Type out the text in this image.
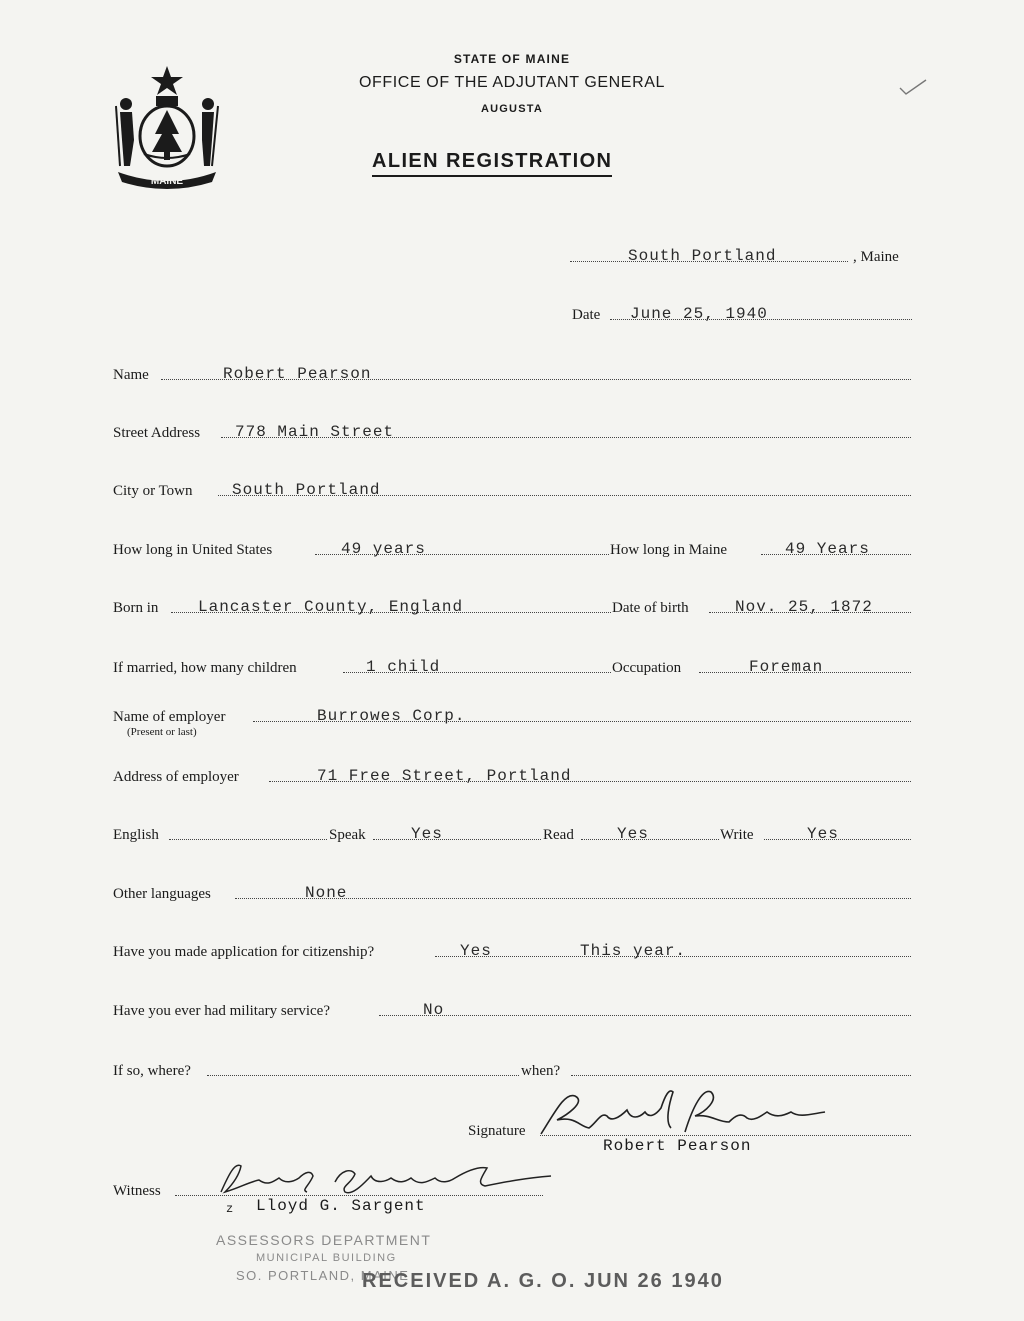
MAINE
STATE OF MAINE
OFFICE OF THE ADJUTANT GENERAL
AUGUSTA
ALIEN REGISTRATION
South Portland	, Maine
Date June 25, 1940
Name	Robert Pearson
Street Address 778 Main Street
City or Town South Portland
How long in United States	49 years	How long in Maine	49 Years
Born in Lancaster County, England	Date of birth	Nov. 25, 1872
If married, how many children	1 child	Occupation	Foreman
Name of employer	Burrowes Corp.
(Present or last)
Address of employer	71 Free Street, Portland
English	Speak	Yes	Read	Yes	Write	Yes
Other languages	None
Have you made application for citizenship?	Yes	This year.
Have you ever had military service?	No
If so, where?	when?
Signature
Robert Pearson
Witness
z Lloyd G. Sargent
ASSESSORS DEPARTMENT
MUNICIPAL BUILDING
SO. PORTLAND, MAINE
RECEIVED A. G. O. JUN 26 1940
